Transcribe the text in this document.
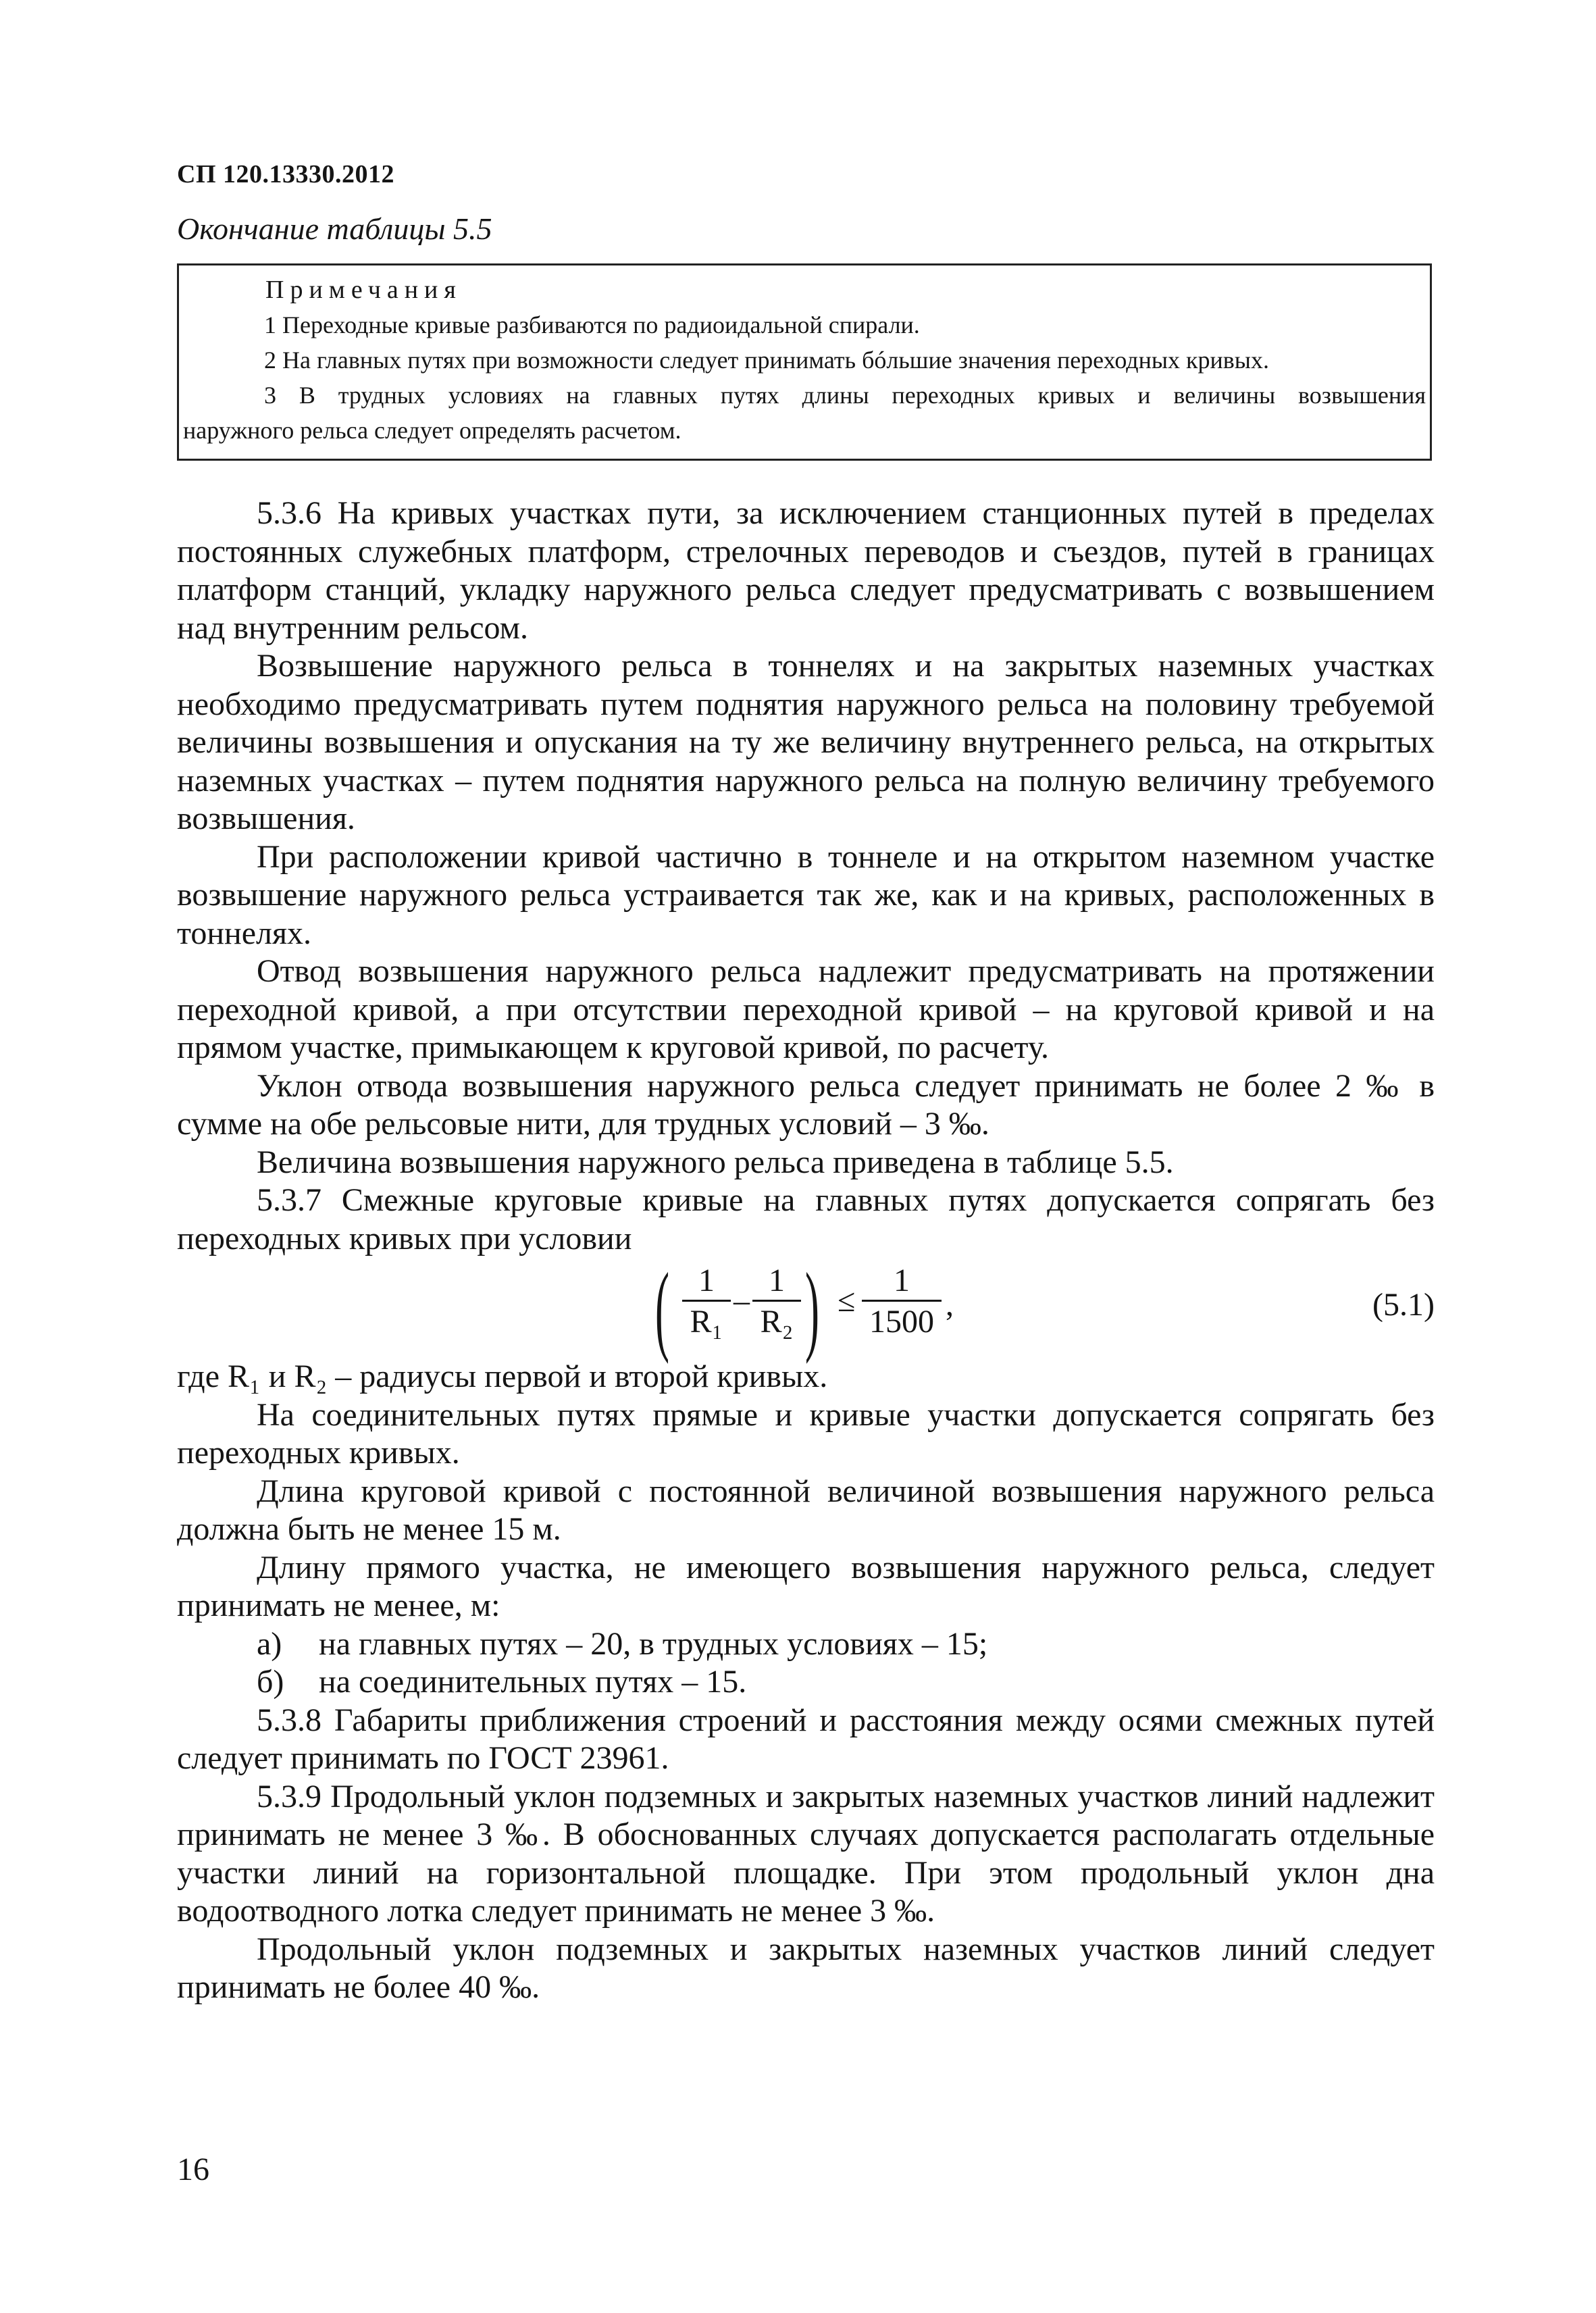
СП 120.13330.2012
Окончание таблицы 5.5
Примечания
1 Переходные кривые разбиваются по радиоидальной спирали.
2 На главных путях при возможности следует принимать бóльшие значения переходных кривых.
3 В трудных условиях на главных путях длины переходных кривых и величины возвышения
наружного рельса следует определять расчетом.

5.3.6 На кривых участках пути, за исключением станционных путей в пределах постоянных служебных платформ, стрелочных переводов и съездов, путей в границах платформ станций, укладку наружного рельса следует предусматривать с возвышением над внутренним рельсом.

Возвышение наружного рельса в тоннелях и на закрытых наземных участках необходимо предусматривать путем поднятия наружного рельса на половину требуемой величины возвышения и опускания на ту же величину внутреннего рельса, на открытых наземных участках – путем поднятия наружного рельса на полную величину требуемого возвышения.

При расположении кривой частично в тоннеле и на открытом наземном участке возвышение наружного рельса устраивается так же, как и на кривых, расположенных в тоннелях.

Отвод возвышения наружного рельса надлежит предусматривать на протяжении переходной кривой, а при отсутствии переходной кривой – на круговой кривой и на прямом участке, примыкающем к круговой кривой, по расчету.

Уклон отвода возвышения наружного рельса следует принимать не более 2 ‰ в сумме на обе рельсовые нити, для трудных условий – 3 ‰.

Величина возвышения наружного рельса приведена в таблице 5.5.

5.3.7 Смежные круговые кривые на главных путях допускается сопрягать без

переходных кривых при условии

( $\frac{1}{\text{R₁}} - \frac{1}{\text{R₂}}$ ) ≤ $\frac{1}{1500}$ ,	(5.1)

где R₁ и R₂ – радиусы первой и второй кривых.

На соединительных путях прямые и кривые участки допускается сопрягать без переходных кривых.

Длина круговой кривой с постоянной величиной возвышения наружного рельса должна быть не менее 15 м.

Длину прямого участка, не имеющего возвышения наружного рельса, следует принимать не менее, м:

а) на главных путях – 20, в трудных условиях – 15;

б) на соединительных путях – 15.

5.3.8 Габариты приближения строений и расстояния между осями смежных путей следует принимать по ГОСТ 23961.

5.3.9 Продольный уклон подземных и закрытых наземных участков линий надлежит принимать не менее 3 ‰. В обоснованных случаях допускается располагать отдельные участки линий на горизонтальной площадке. При этом продольный уклон дна водоотводного лотка следует принимать не менее 3 ‰.

Продольный уклон подземных и закрытых наземных участков линий следует принимать не более 40 ‰.

16
